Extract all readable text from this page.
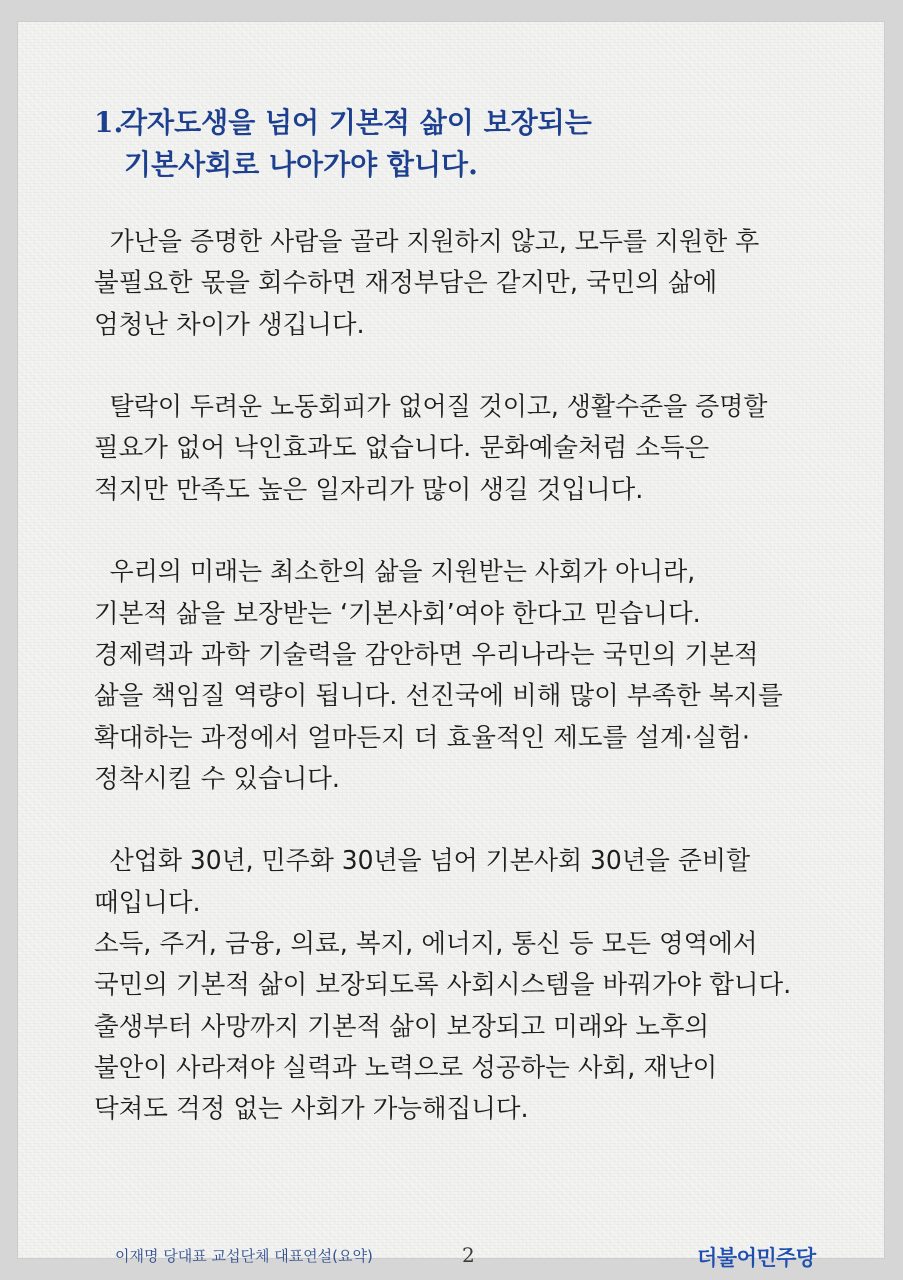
1.각자도생을 넘어 기본적 삶이 보장되는
기본사회로 나아가야 합니다.

가난을 증명한 사람을 골라 지원하지 않고, 모두를 지원한 후
불필요한 몫을 회수하면 재정부담은 같지만, 국민의 삶에
엄청난 차이가 생깁니다.

탈락이 두려운 노동회피가 없어질 것이고, 생활수준을 증명할
필요가 없어 낙인효과도 없습니다. 문화예술처럼 소득은
적지만 만족도 높은 일자리가 많이 생길 것입니다.

우리의 미래는 최소한의 삶을 지원받는 사회가 아니라,
기본적 삶을 보장받는 ‘기본사회’여야 한다고 믿습니다.
경제력과 과학 기술력을 감안하면 우리나라는 국민의 기본적
삶을 책임질 역량이 됩니다. 선진국에 비해 많이 부족한 복지를
확대하는 과정에서 얼마든지 더 효율적인 제도를 설계·실험·
정착시킬 수 있습니다.

산업화 30년, 민주화 30년을 넘어 기본사회 30년을 준비할
때입니다.
소득, 주거, 금융, 의료, 복지, 에너지, 통신 등 모든 영역에서
국민의 기본적 삶이 보장되도록 사회시스템을 바꿔가야 합니다.
출생부터 사망까지 기본적 삶이 보장되고 미래와 노후의
불안이 사라져야 실력과 노력으로 성공하는 사회, 재난이
닥쳐도 걱정 없는 사회가 가능해집니다.

이재명 당대표 교섭단체 대표연설(요약)	2	더불어민주당
